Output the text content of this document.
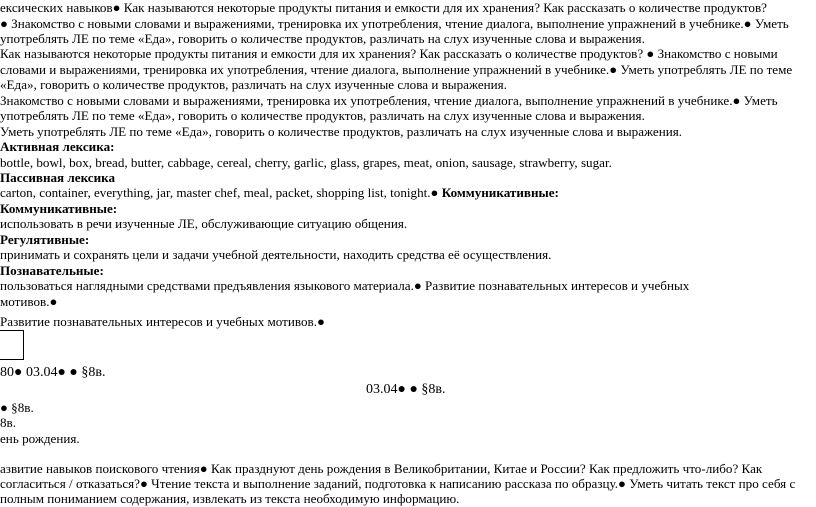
ексических навыков● Как называются некоторые продукты питания и емкости для их хранения? Как рассказать о количестве продуктов?
● Знакомство с новыми словами и выражениями, тренировка их употребления, чтение диалога, выполнение упражнений в учебнике.● Уметь
употреблять ЛЕ по теме «Еда», говорить о количестве продуктов, различать на слух изученные слова и выражения.
Как называются некоторые продукты питания и емкости для их хранения? Как рассказать о количестве продуктов? ● Знакомство с новыми
словами и выражениями, тренировка их употребления, чтение диалога, выполнение упражнений в учебнике.● Уметь употреблять ЛЕ по теме
«Еда», говорить о количестве продуктов, различать на слух изученные слова и выражения.
Знакомство с новыми словами и выражениями, тренировка их употребления, чтение диалога, выполнение упражнений в учебнике.● Уметь
употреблять ЛЕ по теме «Еда», говорить о количестве продуктов, различать на слух изученные слова и выражения.
Уметь употреблять ЛЕ по теме «Еда», говорить о количестве продуктов, различать на слух изученные слова и выражения.
Активная лексика:
bottle, bowl, box, bread, butter, cabbage, cereal, cherry, garlic, glass, grapes, meat, onion, sausage, strawberry, sugar.
Пассивная лексика
carton, container, everything, jar, master chef, meal, packet, shopping list, tonight.● Коммуникативные:
Коммуникативные:
использовать в речи изученные ЛЕ, обслуживающие ситуацию общения.
Регулятивные:
принимать и сохранять цели и задачи учебной деятельности, находить средства её осуществления.
Познавательные:
пользоваться наглядными средствами предъявления языкового материала.● Развитие познавательных интересов и учебных
мотивов.●
Развитие познавательных интересов и учебных мотивов.●
80● 03.04● ● §8в.
03.04● ● §8в.
● §8в.
8в.
ень рождения.
азвитие навыков поискового чтения● Как празднуют день рождения в Великобритании, Китае и России? Как предложить что-либо? Как
согласиться / отказаться?● Чтение текста и выполнение заданий, подготовка к написанию рассказа по образцу.● Уметь читать текст про себя с
полным пониманием содержания, извлекать из текста необходимую информацию.
